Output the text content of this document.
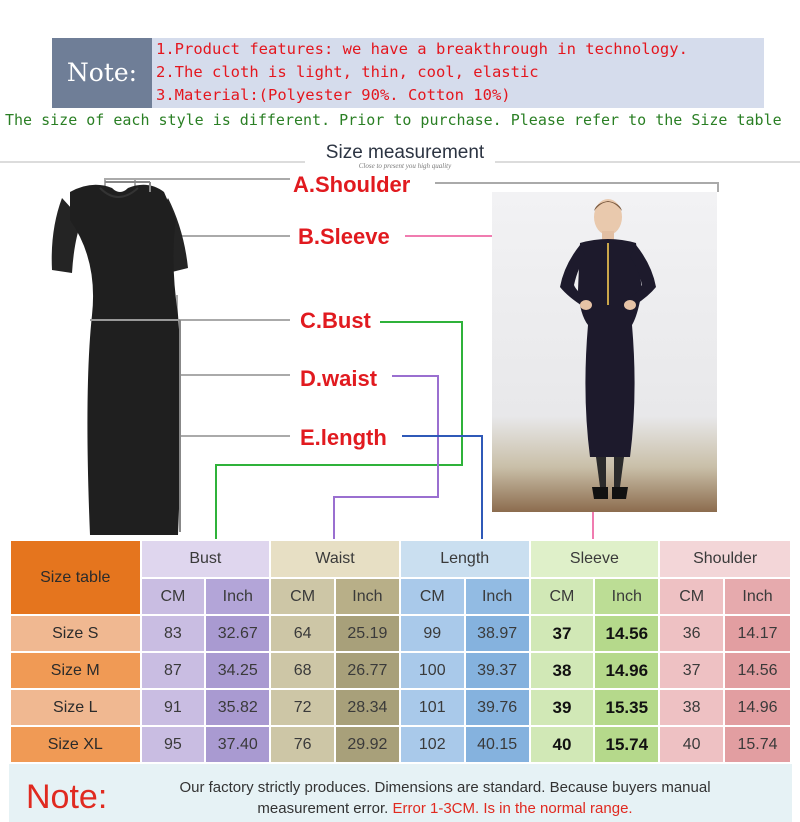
Note:
1.Product features: we have a breakthrough in technology.
2.The cloth is light, thin, cool, elastic
3.Material:(Polyester 90%. Cotton 10%)
The size of each style is different. Prior to purchase. Please refer to the Size table
Size measurement
Close to present you high quality
A.Shoulder
B.Sleeve
C.Bust
D.waist
E.length
Size table	Bust		Waist		Length		Sleeve		Shoulder	
	CM	Inch	CM	Inch	CM	Inch	CM	Inch	CM	Inch
Size S	83	32.67	64	25.19	99	38.97	37	14.56	36	14.17
Size M	87	34.25	68	26.77	100	39.37	38	14.96	37	14.56
Size L	91	35.82	72	28.34	101	39.76	39	15.35	38	14.96
Size XL	95	37.40	76	29.92	102	40.15	40	15.74	40	15.74
Note:	Our factory strictly produces. Dimensions are standard. Because buyers manual
measurement error. Error 1-3CM. Is in the normal range.
